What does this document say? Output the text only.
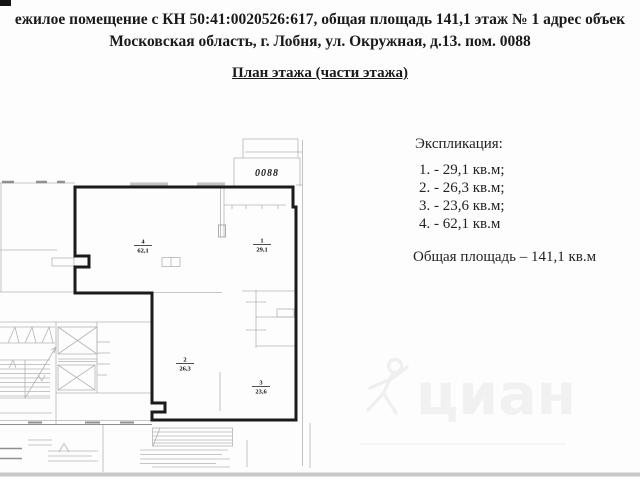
циан
0088
1
29,1
2
26,3
3
23,6
4
62,1
ежилое помещение с КН 50:41:0020526:617, общая площадь 141,1 этаж № 1 адрес объек
Московская область, г. Лобня, ул. Окружная, д.13. пом. 0088
План этажа (части этажа)
Экспликация:
1. - 29,1 кв.м;
2. - 26,3 кв.м;
3. - 23,6 кв.м;
4. - 62,1 кв.м
Общая площадь – 141,1 кв.м
